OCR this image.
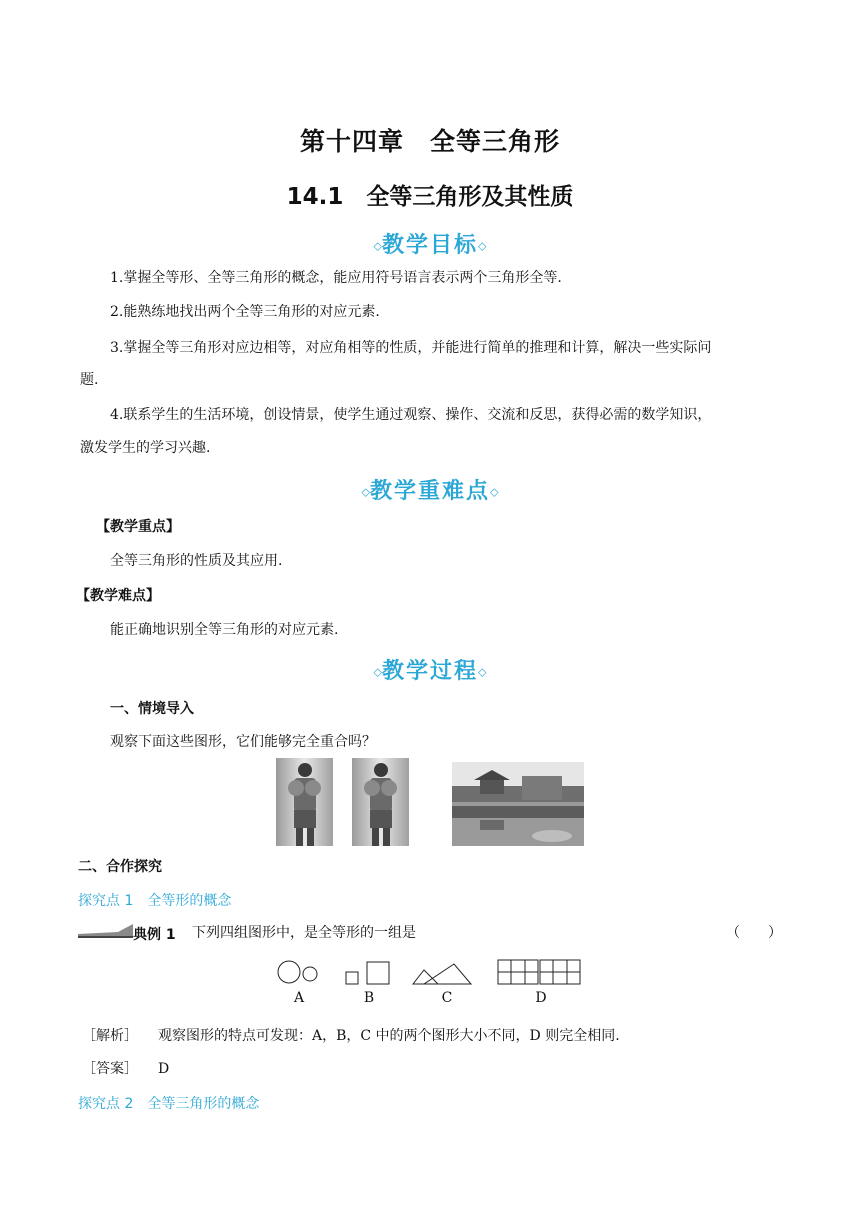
第十四章　全等三角形
14.1　全等三角形及其性质
◇教学目标◇
1.掌握全等形、全等三角形的概念，能应用符号语言表示两个三角形全等.
2.能熟练地找出两个全等三角形的对应元素.
3.掌握全等三角形对应边相等，对应角相等的性质，并能进行简单的推理和计算，解决一些实际问
题.
4.联系学生的生活环境，创设情景，使学生通过观察、操作、交流和反思，获得必需的数学知识，
激发学生的学习兴趣.
◇教学重难点◇
【教学重点】
全等三角形的性质及其应用.
【教学难点】
能正确地识别全等三角形的对应元素.
◇教学过程◇
一、情境导入
观察下面这些图形，它们能够完全重合吗？
二、合作探究
探究点 1　全等形的概念
典例 1 下列四组图形中，是全等形的一组是	（　　）
A	B	C	D
［解析］ 观察图形的特点可发现：A，B，C 中的两个图形大小不同，D 则完全相同.
［答案］ D
探究点 2　全等三角形的概念
